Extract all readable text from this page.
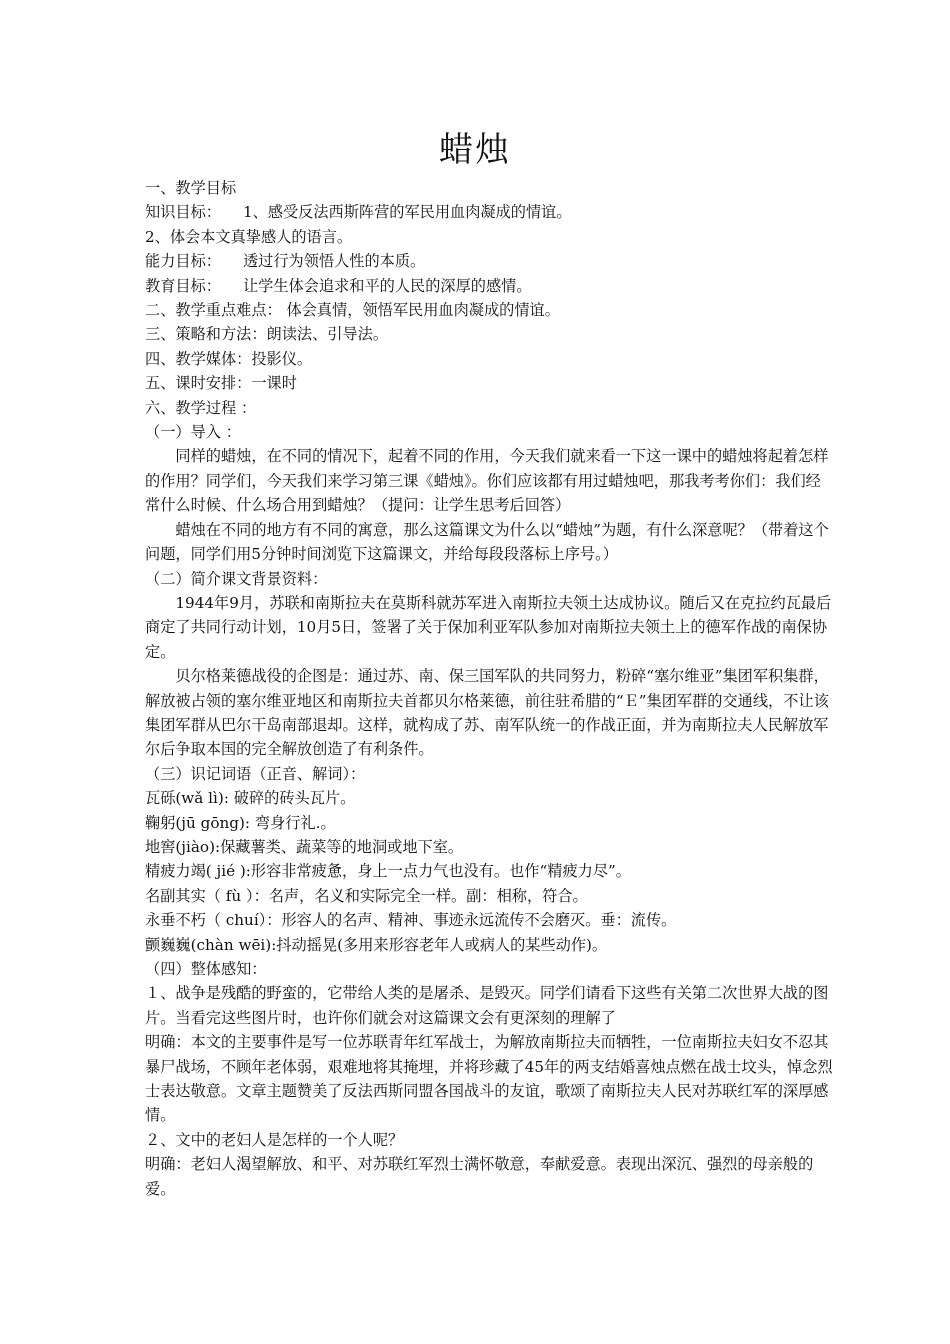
蜡烛

一、教学目标

知识目标： 1、感受反法西斯阵营的军民用血肉凝成的情谊。

2、体会本文真挚感人的语言。

能力目标： 透过行为领悟人性的本质。

教育目标： 让学生体会追求和平的人民的深厚的感情。

二、教学重点难点： 体会真情，领悟军民用血肉凝成的情谊。

三、策略和方法：朗读法、引导法。

四、教学媒体：投影仪。

五、课时安排：一课时

六、教学过程 ：

（一）导入 ：

同样的蜡烛，在不同的情况下，起着不同的作用，今天我们就来看一下这一课中的蜡烛将起着怎样的作用？同学们，今天我们来学习第三课《蜡烛》。你们应该都有用过蜡烛吧，那我考考你们：我们经常什么时候、什么场合用到蜡烛？（提问：让学生思考后回答）

蜡烛在不同的地方有不同的寓意，那么这篇课文为什么以“蜡烛”为题，有什么深意呢？（带着这个问题，同学们用5分钟时间浏览下这篇课文，并给每段段落标上序号。）

（二）简介课文背景资料：

1944年9月，苏联和南斯拉夫在莫斯科就苏军进入南斯拉夫领土达成协议。随后又在克拉约瓦最后商定了共同行动计划，10月5日，签署了关于保加利亚军队参加对南斯拉夫领土上的德军作战的南保协定。

贝尔格莱德战役的企图是：通过苏、南、保三国军队的共同努力，粉碎“塞尔维亚”集团军积集群，解放被占领的塞尔维亚地区和南斯拉夫首都贝尔格莱德，前往驻希腊的“Ｅ”集团军群的交通线，不让该集团军群从巴尔干岛南部退却。这样，就构成了苏、南军队统一的作战正面，并为南斯拉夫人民解放军尔后争取本国的完全解放创造了有利条件。

（三）识记词语（正音、解词）：

瓦砾(wǎ lì): 破碎的砖头瓦片。

鞠躬(jū gōng): 弯身行礼.。

地窖(jiào):保藏薯类、蔬菜等的地洞或地下室。

精疲力竭( jié ):形容非常疲惫，身上一点力气也没有。也作“精疲力尽”。

名副其实（ fù ）：名声，名义和实际完全一样。副：相称，符合。

永垂不朽（ chuí）：形容人的名声、精神、事迹永远流传不会磨灭。垂：流传。

颤巍巍(chàn wēi):抖动摇晃(多用来形容老年人或病人的某些动作)。

（四）整体感知：

１、战争是残酷的野蛮的，它带给人类的是屠杀、是毁灭。同学们请看下这些有关第二次世界大战的图片。当看完这些图片时，也许你们就会对这篇课文会有更深刻的理解了

明确：本文的主要事件是写一位苏联青年红军战士，为解放南斯拉夫而牺牲，一位南斯拉夫妇女不忍其暴尸战场，不顾年老体弱，艰难地将其掩埋，并将珍藏了45年的两支结婚喜烛点燃在战士坟头，悼念烈士表达敬意。文章主题赞美了反法西斯同盟各国战斗的友谊，歌颂了南斯拉夫人民对苏联红军的深厚感情。

２、文中的老妇人是怎样的一个人呢？

明确：老妇人渴望解放、和平、对苏联红军烈士满怀敬意，奉献爱意。表现出深沉、强烈的母亲般的爱。
